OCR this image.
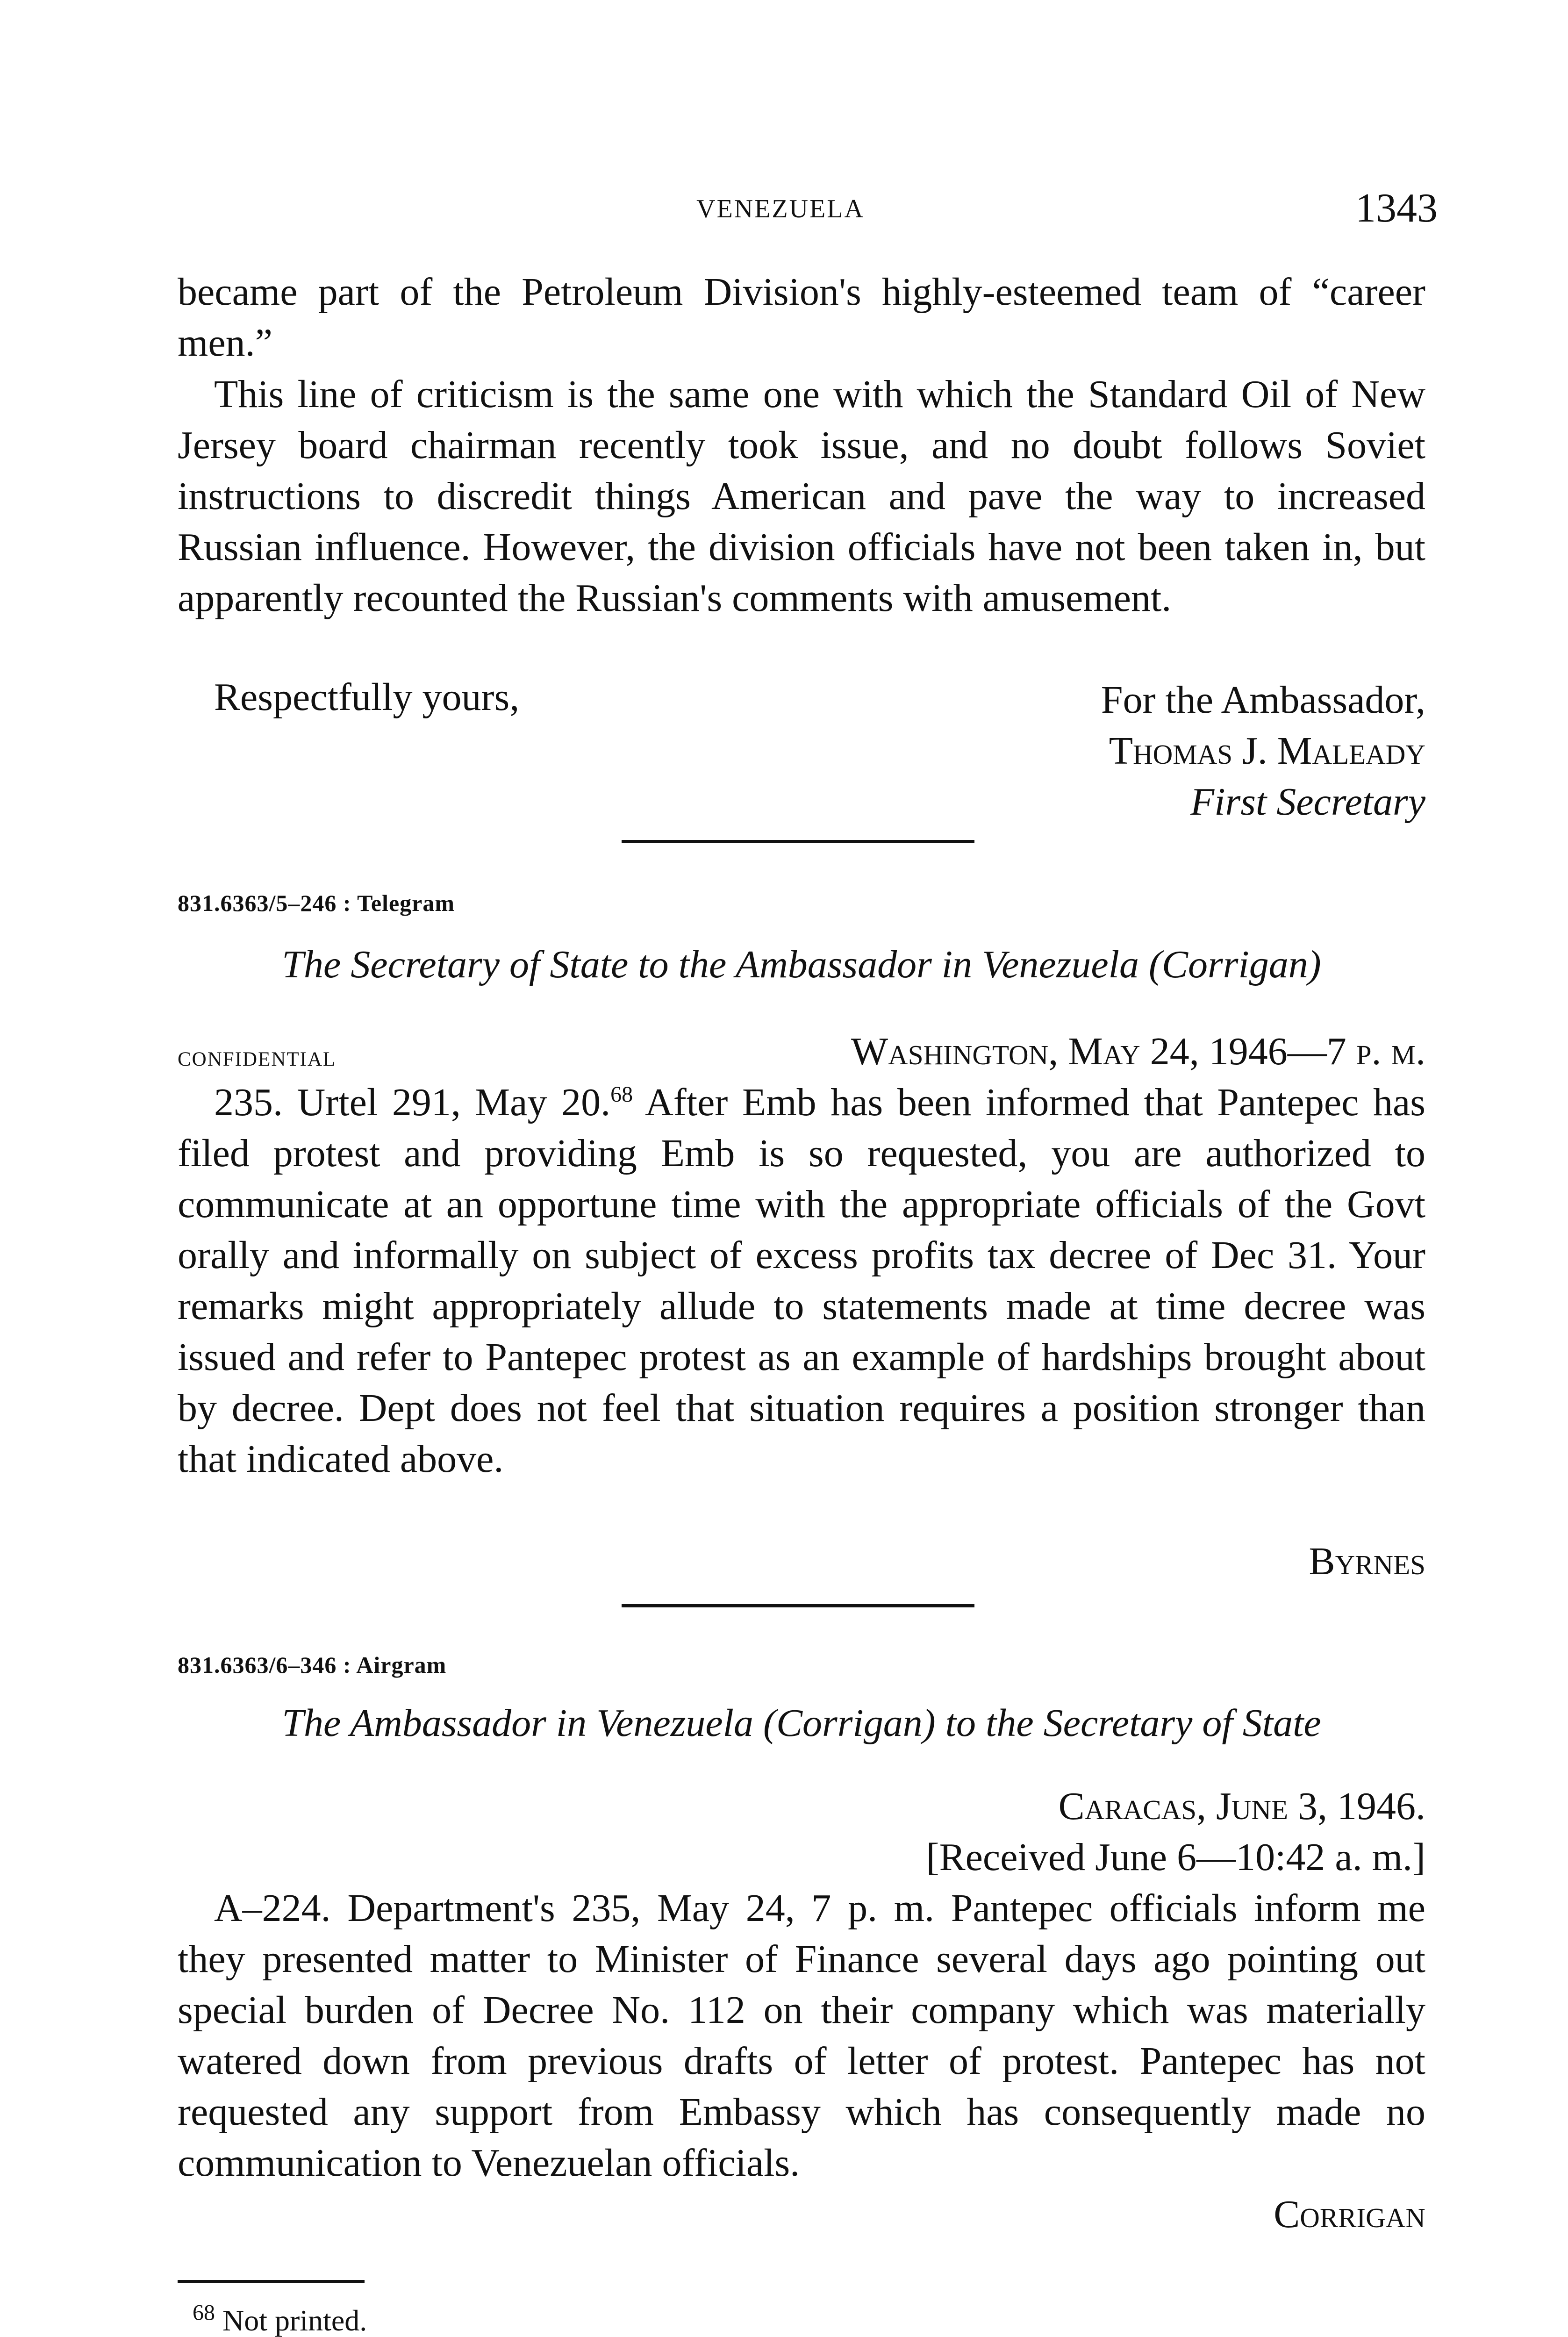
VENEZUELA	1343
became part of the Petroleum Division's highly-esteemed team of “career men.”
This line of criticism is the same one with which the Standard Oil of New Jersey board chairman recently took issue, and no doubt follows Soviet instructions to discredit things American and pave the way to increased Russian influence. However, the division officials have not been taken in, but apparently recounted the Russian's comments with amusement.
Respectfully yours,	For the Ambassador,
Thomas J. Maleady
First Secretary
831.6363/5–246 : Telegram
The Secretary of State to the Ambassador in Venezuela (Corrigan)
confidential	Washington, May 24, 1946—7 p. m.
235. Urtel 291, May 20.68 After Emb has been informed that Pantepec has filed protest and providing Emb is so requested, you are authorized to communicate at an opportune time with the appropriate officials of the Govt orally and informally on subject of excess profits tax decree of Dec 31. Your remarks might appropriately allude to statements made at time decree was issued and refer to Pantepec protest as an example of hardships brought about by decree. Dept does not feel that situation requires a position stronger than that indicated above.
Byrnes
831.6363/6–346 : Airgram
The Ambassador in Venezuela (Corrigan) to the Secretary of State
Caracas, June 3, 1946.
[Received June 6—10:42 a. m.]
A–224. Department's 235, May 24, 7 p. m. Pantepec officials inform me they presented matter to Minister of Finance several days ago pointing out special burden of Decree No. 112 on their company which was materially watered down from previous drafts of letter of protest. Pantepec has not requested any support from Embassy which has consequently made no communication to Venezuelan officials.
Corrigan
$^{68}$ Not printed.
